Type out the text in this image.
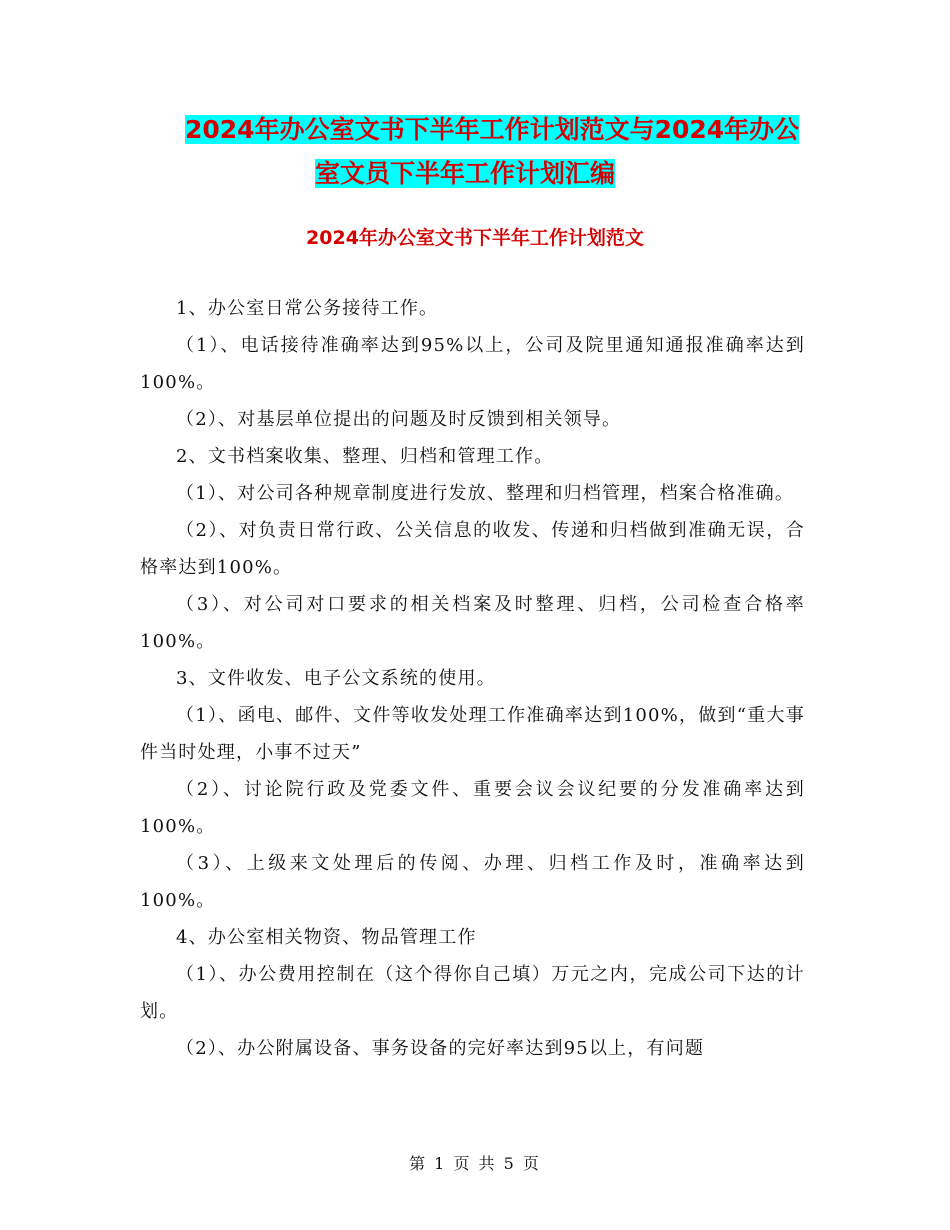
2024年办公室文书下半年工作计划范文与2024年办公
室文员下半年工作计划汇编
2024年办公室文书下半年工作计划范文

1、办公室日常公务接待工作。

（1）、电话接待准确率达到95%以上，公司及院里通知通报准确率达到100%。

（2）、对基层单位提出的问题及时反馈到相关领导。

2、文书档案收集、整理、归档和管理工作。

（1）、对公司各种规章制度进行发放、整理和归档管理，档案合格准确。

（2）、对负责日常行政、公关信息的收发、传递和归档做到准确无误，合格率达到100%。

（3）、对公司对口要求的相关档案及时整理、归档，公司检查合格率100%。

3、文件收发、电子公文系统的使用。

（1）、函电、邮件、文件等收发处理工作准确率达到100%，做到“重大事件当时处理，小事不过天”

（2）、讨论院行政及党委文件、重要会议会议纪要的分发准确率达到100%。

（3）、上级来文处理后的传阅、办理、归档工作及时，准确率达到100%。

4、办公室相关物资、物品管理工作

（1）、办公费用控制在（这个得你自己填）万元之内，完成公司下达的计划。

（2）、办公附属设备、事务设备的完好率达到95以上，有问题

第 1 页 共 5 页
